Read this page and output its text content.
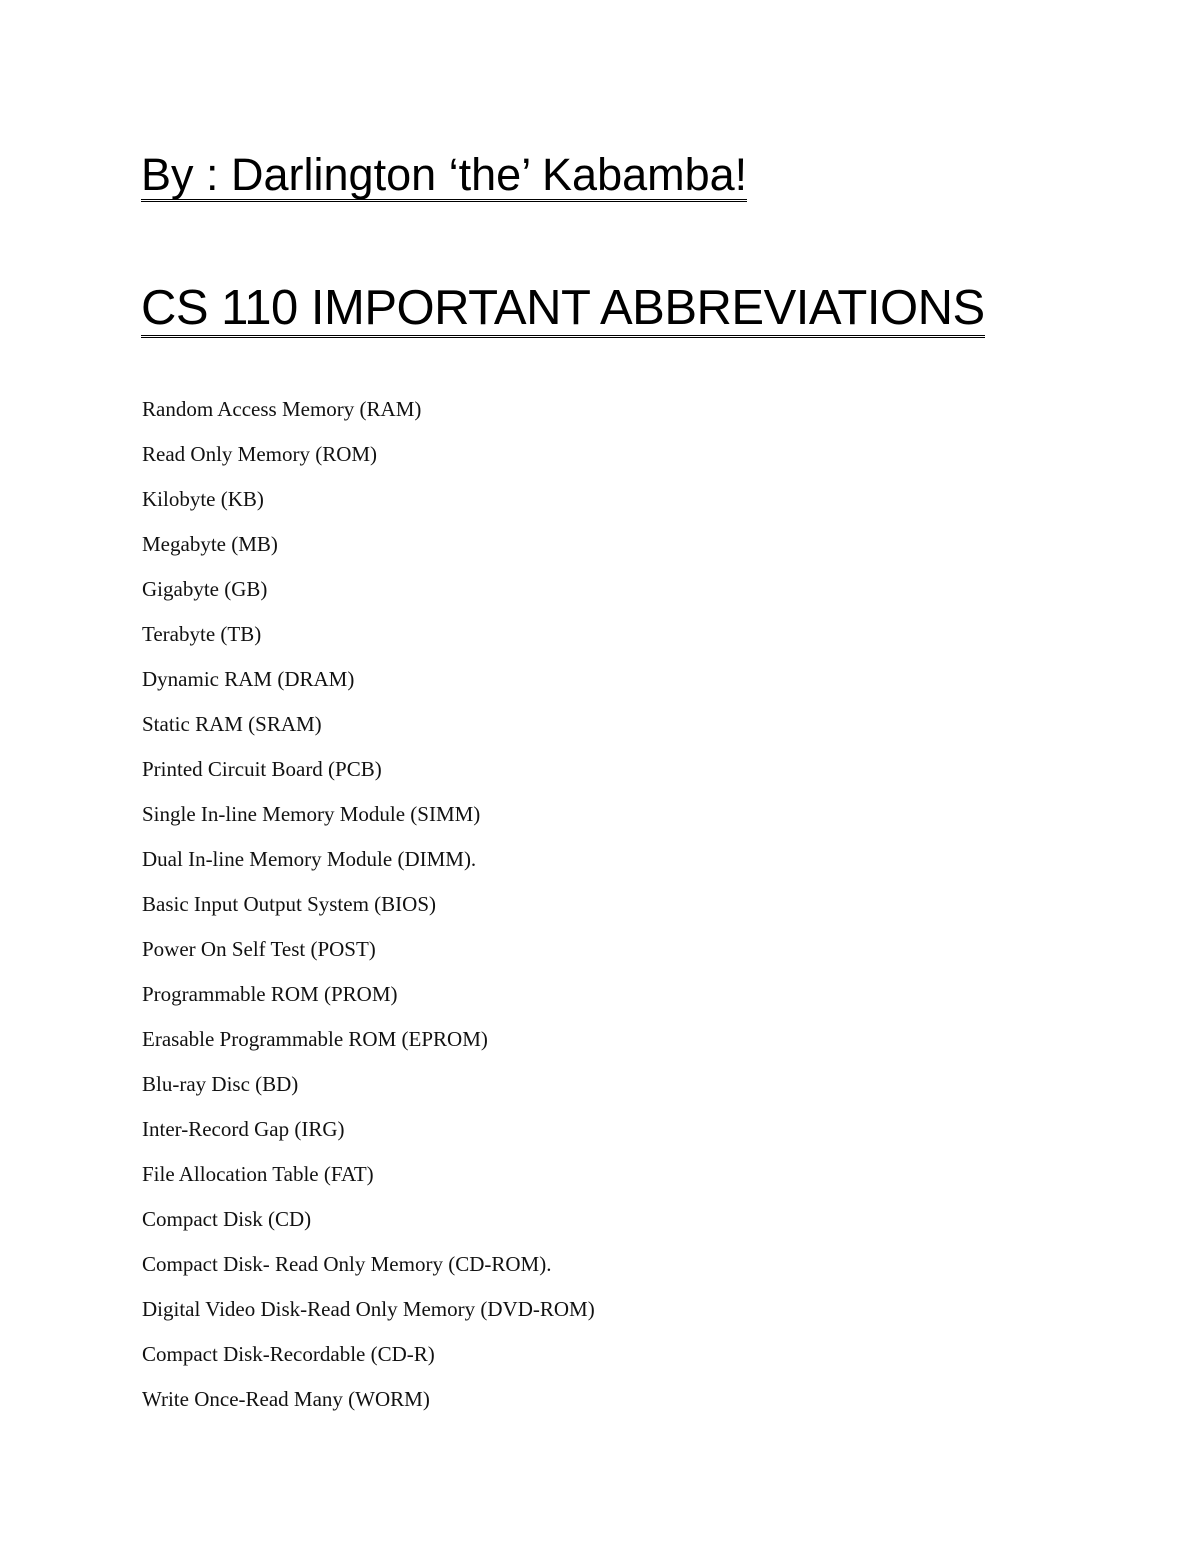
By : Darlington ‘the’ Kabamba!
CS 110 IMPORTANT ABBREVIATIONS
Random Access Memory (RAM)
Read Only Memory (ROM)
Kilobyte (KB)
Megabyte (MB)
Gigabyte (GB)
Terabyte (TB)
Dynamic RAM (DRAM)
Static RAM (SRAM)
Printed Circuit Board (PCB)
Single In-line Memory Module (SIMM)
Dual In-line Memory Module (DIMM).
Basic Input Output System (BIOS)
Power On Self Test (POST)
Programmable ROM (PROM)
Erasable Programmable ROM (EPROM)
Blu-ray Disc (BD)
Inter-Record Gap (IRG)
File Allocation Table (FAT)
Compact Disk (CD)
Compact Disk- Read Only Memory (CD-ROM).
Digital Video Disk-Read Only Memory (DVD-ROM)
Compact Disk-Recordable (CD-R)
Write Once-Read Many (WORM)
